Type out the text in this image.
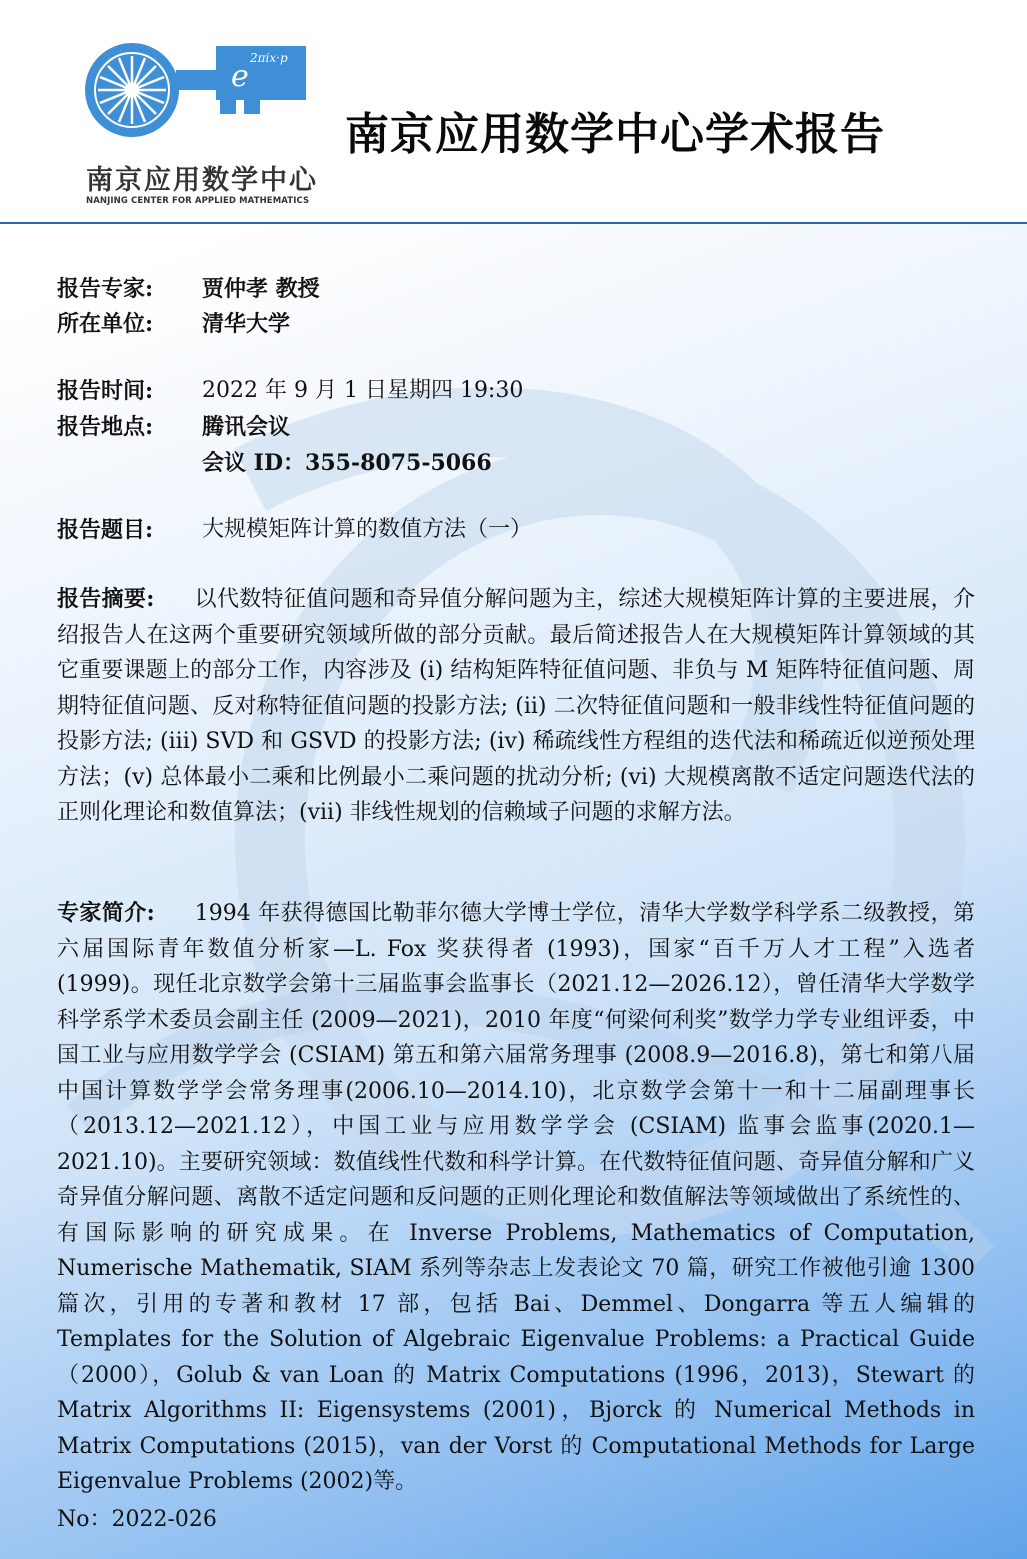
e
2πix·p
南京应用数学中心
NANJING CENTER FOR APPLIED MATHEMATICS
南京应用数学中心学术报告
报告专家: 贾仲孝 教授
所在单位: 清华大学
报告时间: 2022 年 9 月 1 日星期四 19:30
报告地点: 腾讯会议
会议 ID：355-8075-5066
报告题目: 大规模矩阵计算的数值方法（一）
报告摘要: 以代数特征值问题和奇异值分解问题为主，综述大规模矩阵计算的主要进展，介绍报告人在这两个重要研究领域所做的部分贡献。最后简述报告人在大规模矩阵计算领域的其它重要课题上的部分工作，内容涉及 (i) 结构矩阵特征值问题、非负与 M 矩阵特征值问题、周期特征值问题、反对称特征值问题的投影方法; (ii) 二次特征值问题和一般非线性特征值问题的投影方法; (iii) SVD 和 GSVD 的投影方法; (iv) 稀疏线性方程组的迭代法和稀疏近似逆预处理方法；(v) 总体最小二乘和比例最小二乘问题的扰动分析; (vi) 大规模离散不适定问题迭代法的正则化理论和数值算法；(vii) 非线性规划的信赖域子问题的求解方法。
专家简介: 1994 年获得德国比勒菲尔德大学博士学位，清华大学数学科学系二级教授，第六届国际青年数值分析家—L. Fox 奖获得者 (1993)，国家“百千万人才工程”入选者 (1999)。现任北京数学会第十三届监事会监事长（2021.12—2026.12），曾任清华大学数学科学系学术委员会副主任 (2009—2021)，2010 年度“何梁何利奖”数学力学专业组评委，中国工业与应用数学学会 (CSIAM) 第五和第六届常务理事 (2008.9—2016.8)，第七和第八届中国计算数学学会常务理事(2006.10—2014.10)，北京数学会第十一和十二届副理事长（2013.12—2021.12），中国工业与应用数学学会 (CSIAM) 监事会监事(2020.1—2021.10)。主要研究领域：数值线性代数和科学计算。在代数特征值问题、奇异值分解和广义奇异值分解问题、离散不适定问题和反问题的正则化理论和数值解法等领域做出了系统性的、有国际影响的研究成果。在 Inverse Problems, Mathematics of Computation, Numerische Mathematik, SIAM 系列等杂志上发表论文 70 篇，研究工作被他引逾 1300 篇次，引用的专著和教材 17 部，包括 Bai、Demmel、Dongarra 等五人编辑的 Templates for the Solution of Algebraic Eigenvalue Problems: a Practical Guide （2000），Golub & van Loan 的 Matrix Computations (1996，2013)，Stewart 的 Matrix Algorithms II: Eigensystems (2001)，Bjorck 的 Numerical Methods in Matrix Computations (2015)，van der Vorst 的 Computational Methods for Large Eigenvalue Problems (2002)等。
No：2022-026
